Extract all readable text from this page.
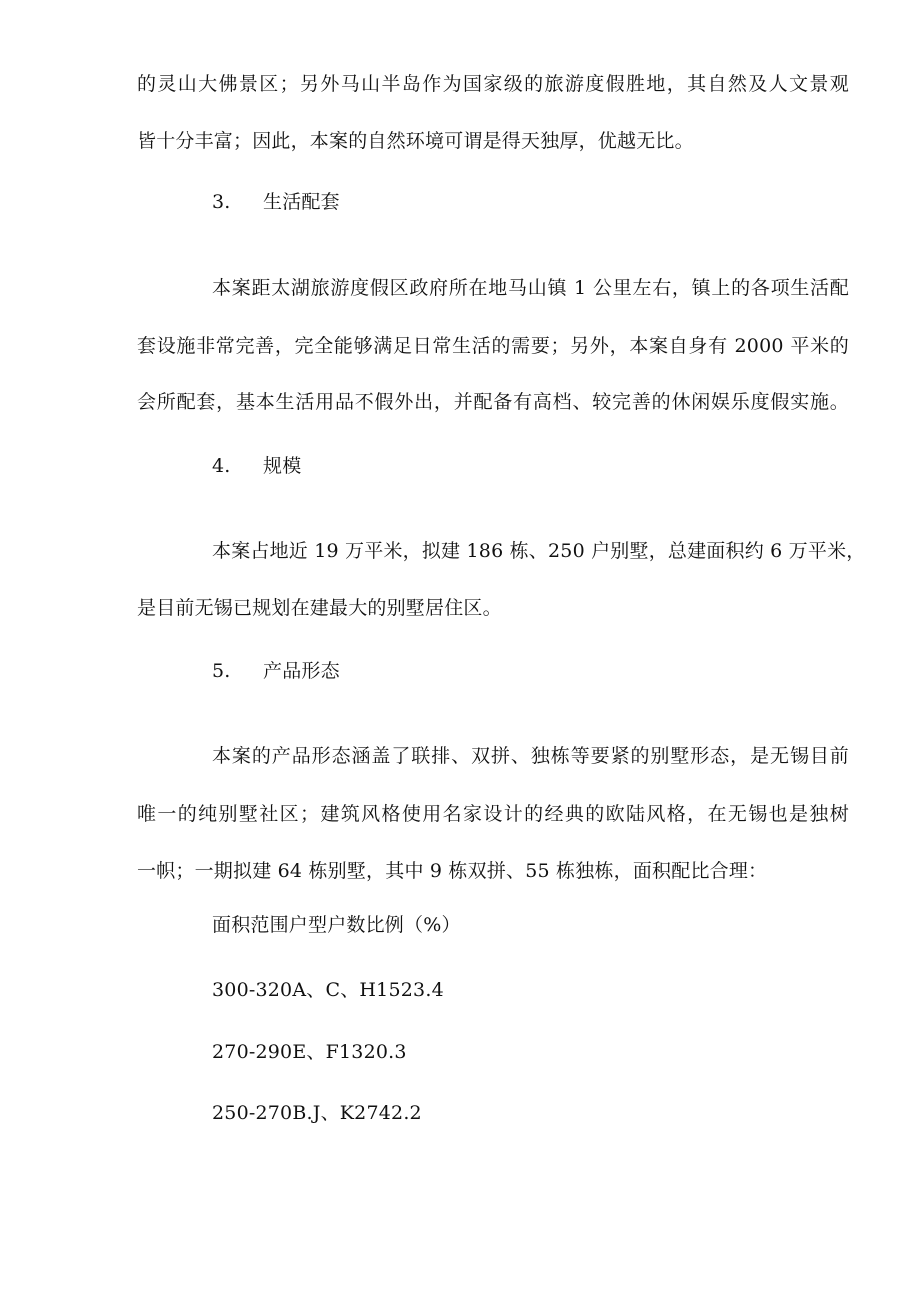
的灵山大佛景区；另外马山半岛作为国家级的旅游度假胜地，其自然及人文景观
皆十分丰富；因此，本案的自然环境可谓是得天独厚，优越无比。
3. 生活配套
本案距太湖旅游度假区政府所在地马山镇 1 公里左右，镇上的各项生活配
套设施非常完善，完全能够满足日常生活的需要；另外，本案自身有 2000 平米的
会所配套，基本生活用品不假外出，并配备有高档、较完善的休闲娱乐度假实施。
4. 规模
本案占地近 19 万平米，拟建 186 栋、250 户别墅，总建面积约 6 万平米，
是目前无锡已规划在建最大的别墅居住区。
5. 产品形态
本案的产品形态涵盖了联排、双拼、独栋等要紧的别墅形态，是无锡目前
唯一的纯别墅社区；建筑风格使用名家设计的经典的欧陆风格，在无锡也是独树
一帜；一期拟建 64 栋别墅，其中 9 栋双拼、55 栋独栋，面积配比合理：
面积范围户型户数比例（%）
300-320A、C、H1523.4
270-290E、F1320.3
250-270B.J、K2742.2
